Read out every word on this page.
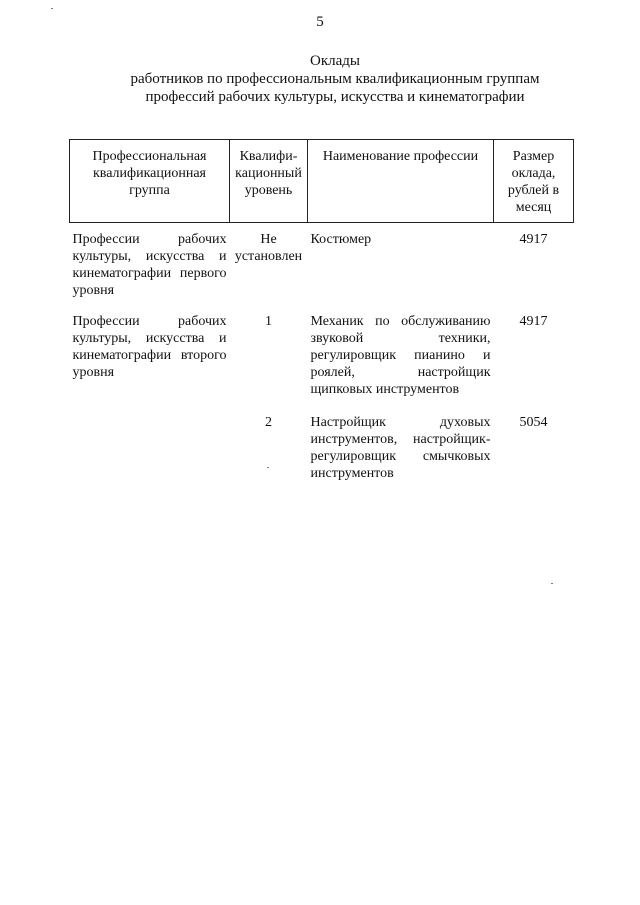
5
Оклады
работников по профессиональным квалификационным группам
профессий рабочих культуры, искусства и кинематографии
Профессиональная квалификационная группа	Квалифи-кационный уровень	Наименование профессии	Размер оклада, рублей в месяц
Профессии рабочих культуры, искусства и кинематографии первого уровня	Не установлен	Костюмер	4917
Профессии рабочих культуры, искусства и кинематографии второго уровня	1	Механик по обслуживанию звуковой техники, регулировщик пианино и роялей, настройщик щипковых инструментов	4917
	2	Настройщик духовых инструментов, настройщик-регулировщик смычковых инструментов	5054
